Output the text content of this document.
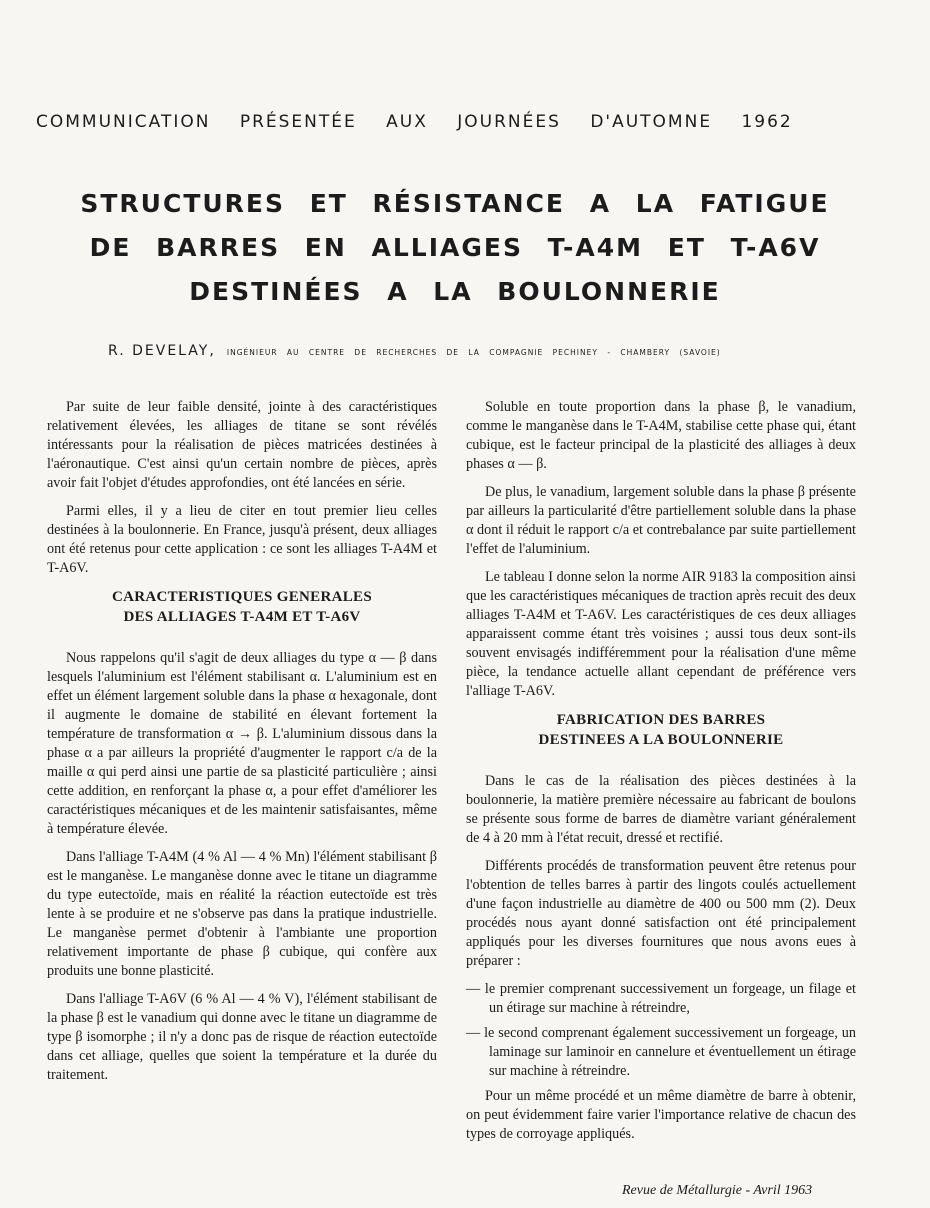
COMMUNICATION PRÉSENTÉE AUX JOURNÉES D'AUTOMNE 1962
STRUCTURES ET RÉSISTANCE A LA FATIGUE
DE BARRES EN ALLIAGES T-A4M ET T-A6V
DESTINÉES A LA BOULONNERIE
R. DEVELAY, INGÉNIEUR AU CENTRE DE RECHERCHES DE LA COMPAGNIE PECHINEY - CHAMBERY (SAVOIE)

Par suite de leur faible densité, jointe à des caractéristiques relativement élevées, les alliages de titane se sont révélés intéressants pour la réalisation de pièces matricées destinées à l'aéronautique. C'est ainsi qu'un certain nombre de pièces, après avoir fait l'objet d'études approfondies, ont été lancées en série.

Parmi elles, il y a lieu de citer en tout premier lieu celles destinées à la boulonnerie. En France, jusqu'à présent, deux alliages ont été retenus pour cette application : ce sont les alliages T-A4M et T-A6V.

CARACTERISTIQUES GENERALES
DES ALLIAGES T-A4M ET T-A6V

Nous rappelons qu'il s'agit de deux alliages du type α — β dans lesquels l'aluminium est l'élément stabilisant α. L'aluminium est en effet un élément largement soluble dans la phase α hexagonale, dont il augmente le domaine de stabilité en élevant fortement la température de transformation α → β. L'aluminium dissous dans la phase α a par ailleurs la propriété d'augmenter le rapport c/a de la maille α qui perd ainsi une partie de sa plasticité particulière ; ainsi cette addition, en renforçant la phase α, a pour effet d'améliorer les caractéristiques mécaniques et de les maintenir satisfaisantes, même à température élevée.

Dans l'alliage T-A4M (4 % Al — 4 % Mn) l'élément stabilisant β est le manganèse. Le manganèse donne avec le titane un diagramme du type eutectoïde, mais en réalité la réaction eutectoïde est très lente à se produire et ne s'observe pas dans la pratique industrielle. Le manganèse permet d'obtenir à l'ambiante une proportion relativement importante de phase β cubique, qui confère aux produits une bonne plasticité.

Dans l'alliage T-A6V (6 % Al — 4 % V), l'élément stabilisant de la phase β est le vanadium qui donne avec le titane un diagramme de type β isomorphe ; il n'y a donc pas de risque de réaction eutectoïde dans cet alliage, quelles que soient la température et la durée du traitement.

Soluble en toute proportion dans la phase β, le vanadium, comme le manganèse dans le T-A4M, stabilise cette phase qui, étant cubique, est le facteur principal de la plasticité des alliages à deux phases α — β.

De plus, le vanadium, largement soluble dans la phase β présente par ailleurs la particularité d'être partiellement soluble dans la phase α dont il réduit le rapport c/a et contrebalance par suite partiellement l'effet de l'aluminium.

Le tableau I donne selon la norme AIR 9183 la composition ainsi que les caractéristiques mécaniques de traction après recuit des deux alliages T-A4M et T-A6V. Les caractéristiques de ces deux alliages apparaissent comme étant très voisines ; aussi tous deux sont-ils souvent envisagés indifféremment pour la réalisation d'une même pièce, la tendance actuelle allant cependant de préférence vers l'alliage T-A6V.

FABRICATION DES BARRES
DESTINEES A LA BOULONNERIE

Dans le cas de la réalisation des pièces destinées à la boulonnerie, la matière première nécessaire au fabricant de boulons se présente sous forme de barres de diamètre variant généralement de 4 à 20 mm à l'état recuit, dressé et rectifié.

Différents procédés de transformation peuvent être retenus pour l'obtention de telles barres à partir des lingots coulés actuellement d'une façon industrielle au diamètre de 400 ou 500 mm (2). Deux procédés nous ayant donné satisfaction ont été principalement appliqués pour les diverses fournitures que nous avons eues à préparer :

— le premier comprenant successivement un forgeage, un filage et un étirage sur machine à rétreindre,
— le second comprenant également successivement un forgeage, un laminage sur laminoir en cannelure et éventuellement un étirage sur machine à rétreindre.

Pour un même procédé et un même diamètre de barre à obtenir, on peut évidemment faire varier l'importance relative de chacun des types de corroyage appliqués.

Revue de Métallurgie - Avril 1963
